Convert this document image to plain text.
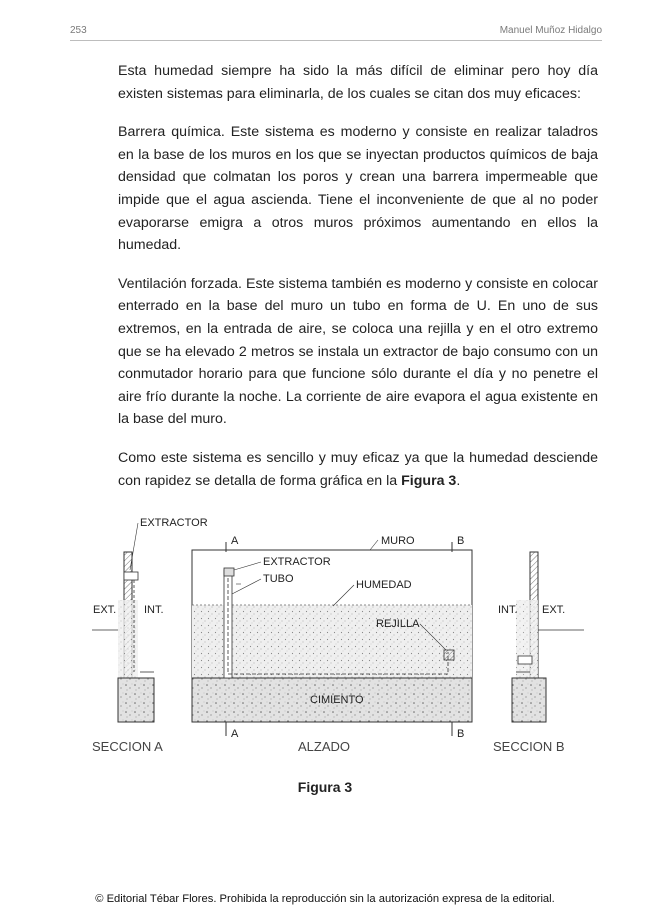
253	Manuel Muñoz Hidalgo

Esta humedad siempre ha sido la más difícil de eliminar pero hoy día existen sistemas para eliminarla, de los cuales se citan dos muy eficaces:

Barrera química. Este sistema es moderno y consiste en realizar taladros en la base de los muros en los que se inyectan productos químicos de baja densidad que colmatan los poros y crean una barrera impermeable que impide que el agua ascienda. Tiene el inconveniente de que al no poder evaporarse emigra a otros muros próximos aumentando en ellos la humedad.

Ventilación forzada. Este sistema también es moderno y consiste en colocar enterrado en la base del muro un tubo en forma de U. En uno de sus extremos, en la entrada de aire, se coloca una rejilla y en el otro extremo que se ha elevado 2 metros se instala un extractor de bajo consumo con un conmutador horario para que funcione sólo durante el día y no penetre el aire frío durante la noche. La corriente de aire evapora el agua existente en la base del muro.

Como este sistema es sencillo y muy eficaz ya que la humedad desciende con rapidez se detalla de forma gráfica en la Figura 3.

EXTRACTOR
EXT.	INT.
SECCION A
A	MURO	B
EXTRACTOR
TUBO	HUMEDAD
REJILLA
CIMIENTO
A	B
ALZADO
INT. EXT.
SECCION B
Figura 3
© Editorial Tébar Flores. Prohibida la reproducción sin la autorización expresa de la editorial.
